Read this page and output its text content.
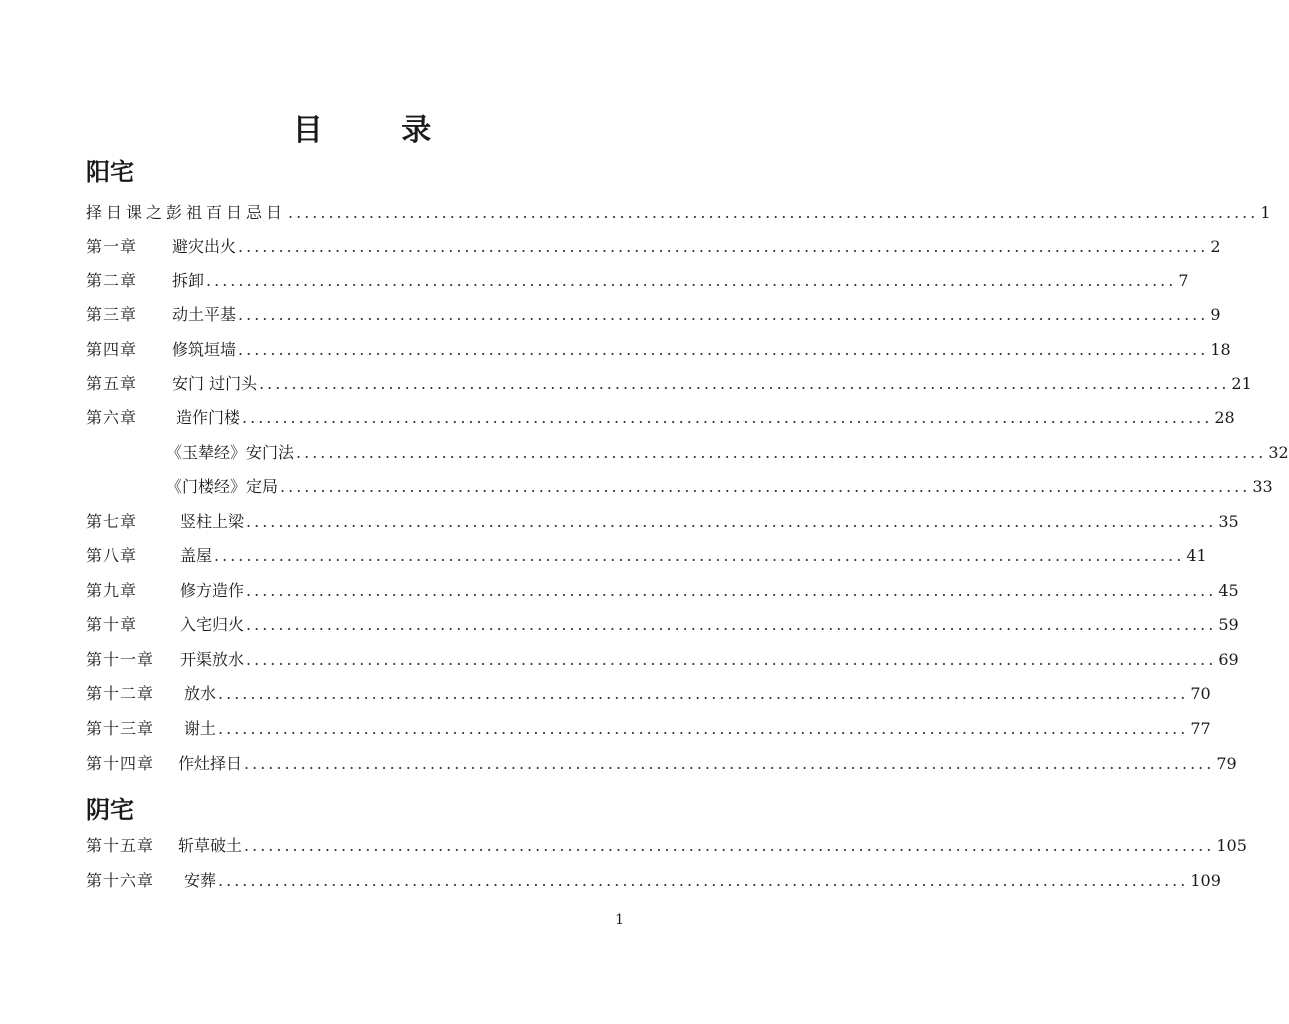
目 录
阳宅
择日课之彭祖百日忌日 ........................................................................................................................ 1
第一章	避灾出火 ........................................................................................................................ 2
第二章	拆卸 ........................................................................................................................ 7
第三章	动土平基 ........................................................................................................................ 9
第四章	修筑垣墙 ........................................................................................................................ 18
第五章	安门 过门头 ........................................................................................................................ 21
第六章	造作门楼 ........................................................................................................................ 28
《玉辇经》安门法 ........................................................................................................................ 32
《门楼经》定局 ........................................................................................................................ 33
第七章	竖柱上梁 ........................................................................................................................ 35
第八章	盖屋 ........................................................................................................................ 41
第九章	修方造作 ........................................................................................................................ 45
第十章	入宅归火 ........................................................................................................................ 59
第十一章	开渠放水 ........................................................................................................................ 69
第十二章	放水 ........................................................................................................................ 70
第十三章	谢土 ........................................................................................................................ 77
第十四章	作灶择日 ........................................................................................................................ 79
阴宅
第十五章	斩草破土 ........................................................................................................................ 105
第十六章	安葬 ........................................................................................................................ 109
1
